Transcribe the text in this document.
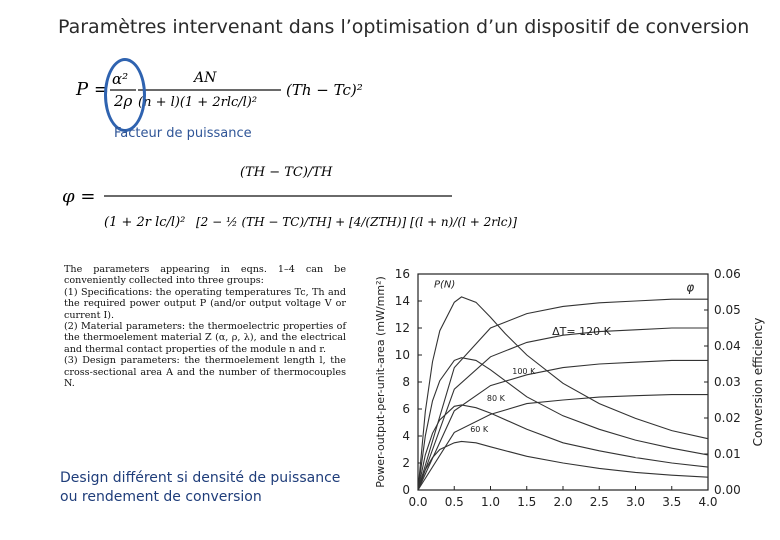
Paramètres intervenant dans l’optimisation d’un dispositif de conversion
P = α²
2ρ
AN
(n + l)(1 + 2rlc/l)²
(Th − Tc)²
Facteur de puissance
φ =
(TH − TC)/TH
(1 + 2r lc/l)² [2 − ½ (TH − TC)/TH] + [4/(ZTH)] [(l + n)/(l + 2rlc)]

The parameters appearing in eqns. 1–4 can be conveniently collected into three groups:

(1) Specifications: the operating temperatures Tc, Th and the required power output P (and/or output voltage V or current I).

(2) Material parameters: the thermoelectric properties of the thermoelement material Z (α, ρ, λ), and the electrical and thermal contact properties of the module n and r.

(3) Design parameters: the thermoelement length l, the cross-sectional area A and the number of thermocouples N.

Design différent si densité de puissance ou rendement de conversion	0.0 0.5 1.0 1.5 2.0 2.5 3.0 3.5 4.0
0
2
4
6
8
10
12
14
16
0.00
0.01
0.02
0.03
0.04
0.05
0.06
Power-output-per-unit-area (mW/mm²)	Conversion efficiency
P(N)	φ
ΔT= 120 K
100 K
80 K
60 K
